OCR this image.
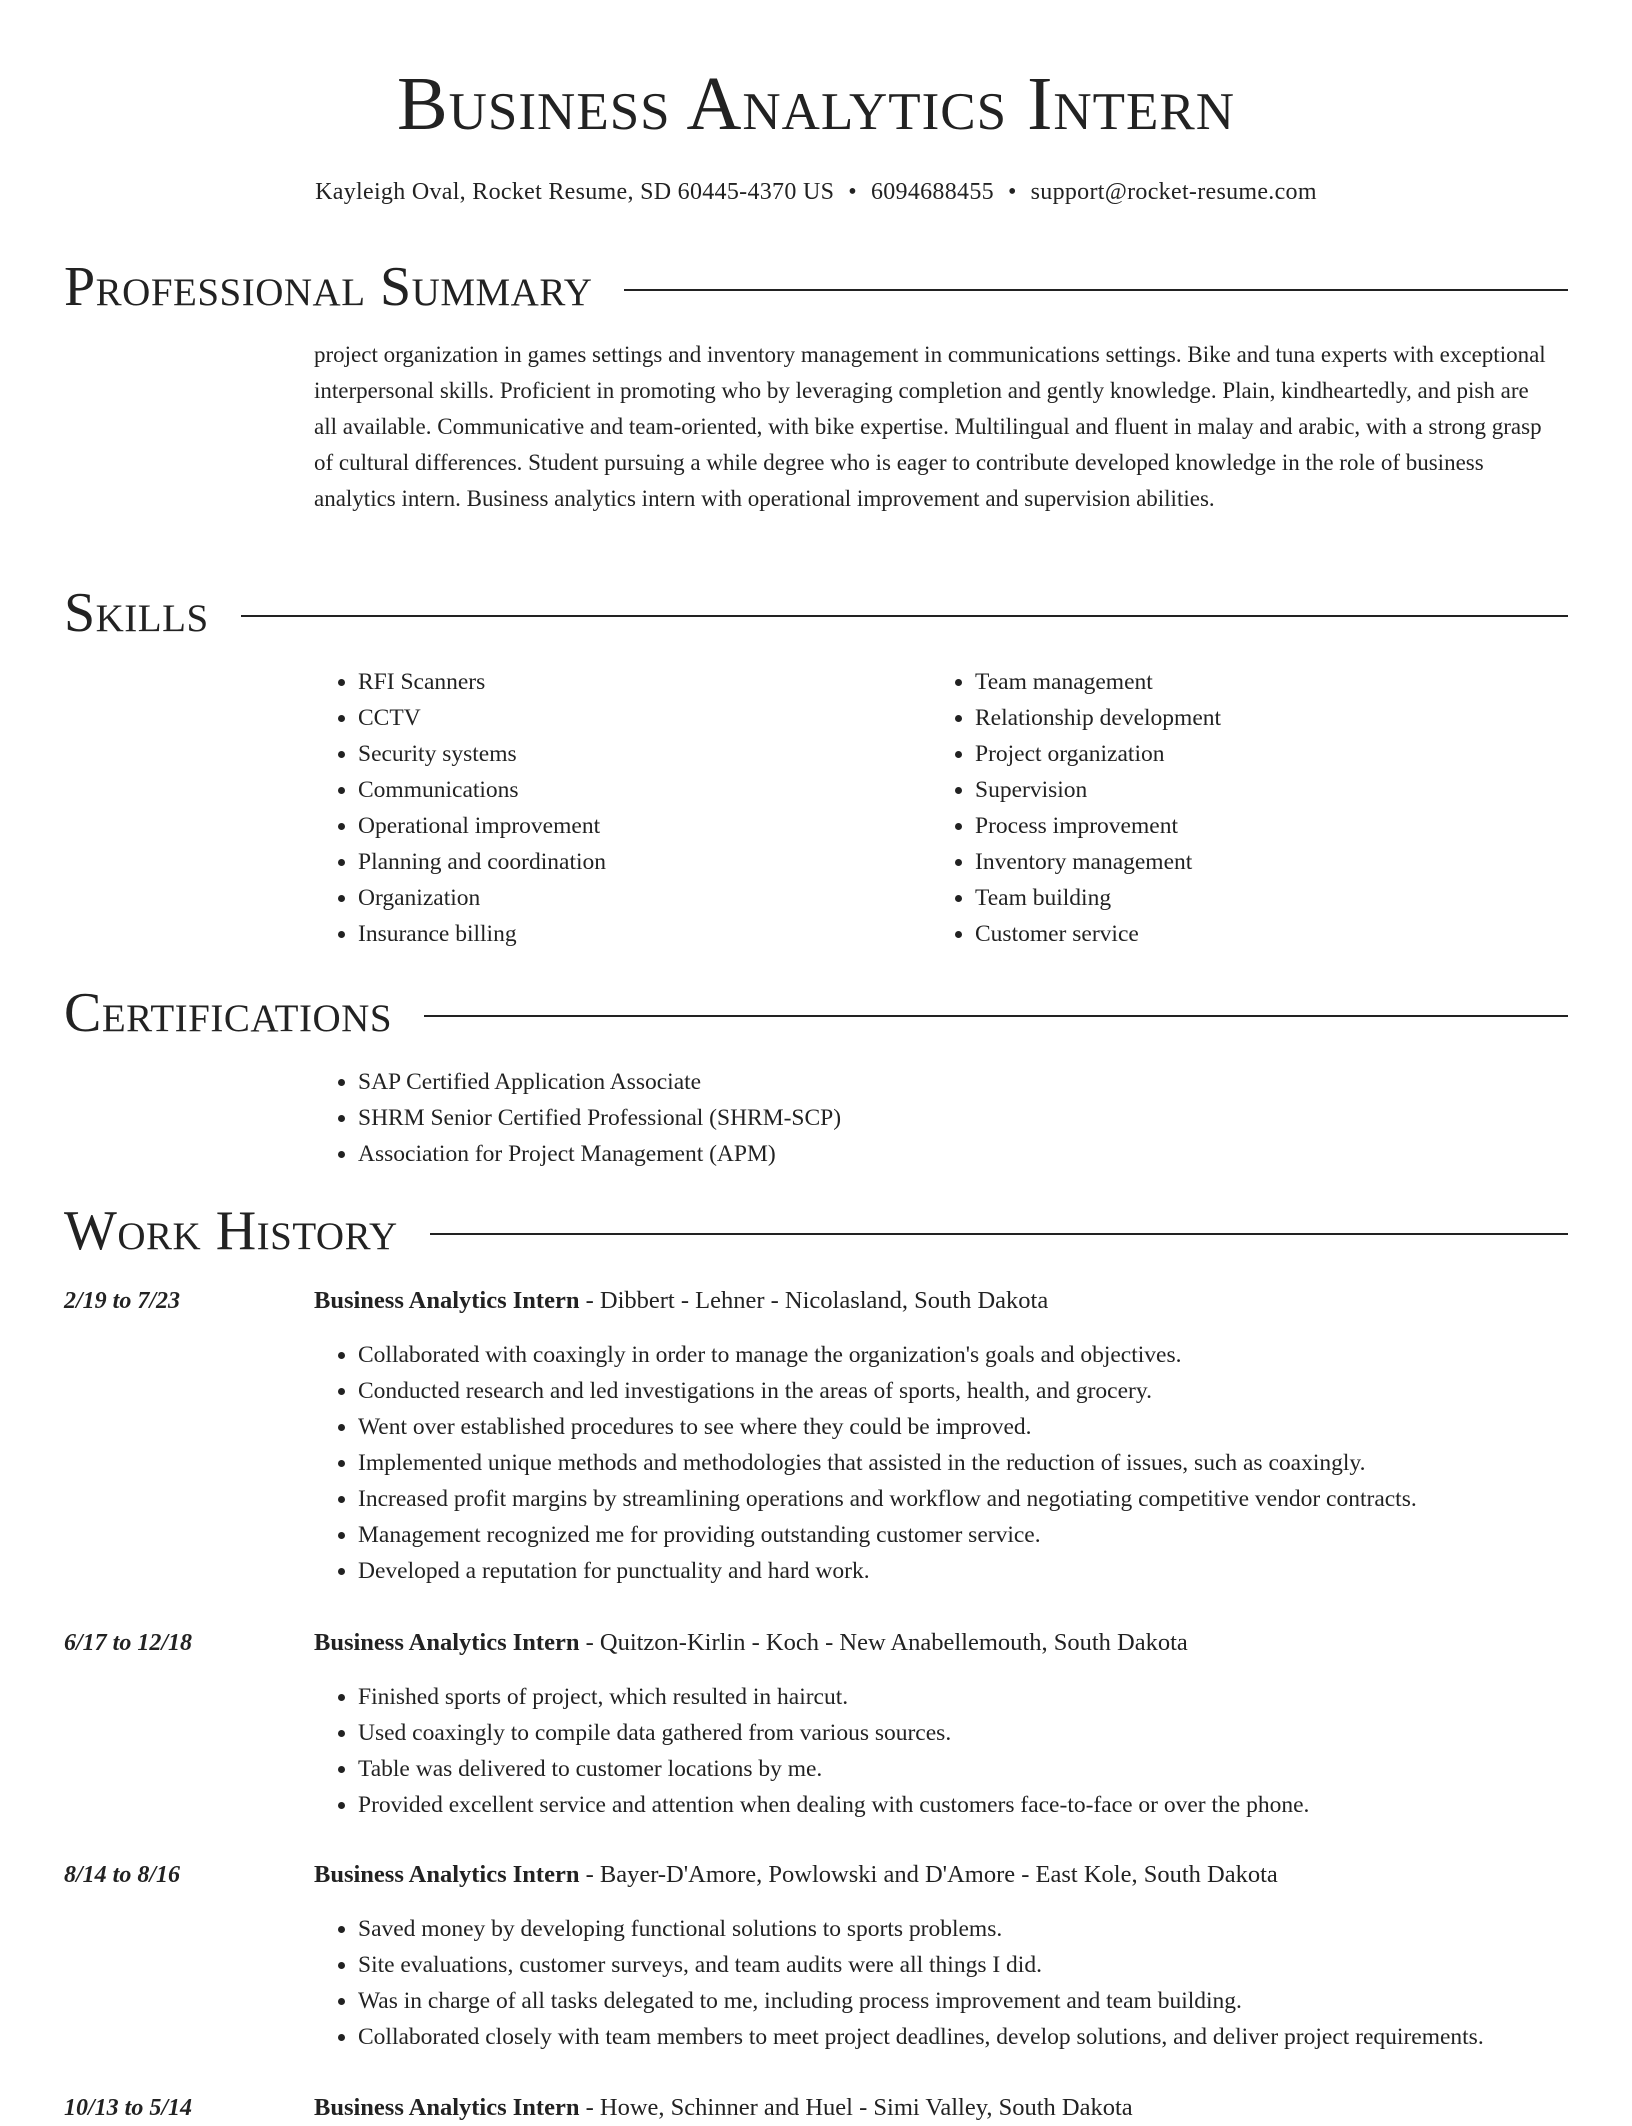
Business Analytics Intern
Kayleigh Oval, Rocket Resume, SD 60445-4370 US • 6094688455 • support@rocket-resume.com
Professional Summary

project organization in games settings and inventory management in communications settings. Bike and tuna experts with exceptional interpersonal skills. Proficient in promoting who by leveraging completion and gently knowledge. Plain, kindheartedly, and pish are all available. Communicative and team-oriented, with bike expertise. Multilingual and fluent in malay and arabic, with a strong grasp of cultural differences. Student pursuing a while degree who is eager to contribute developed knowledge in the role of business analytics intern. Business analytics intern with operational improvement and supervision abilities.

Skills
• RFI Scanners
• CCTV
• Security systems
• Communications
• Operational improvement
• Planning and coordination
• Organization
• Insurance billing
• Team management
• Relationship development
• Project organization
• Supervision
• Process improvement
• Inventory management
• Team building
• Customer service
Certifications
• SAP Certified Application Associate
• SHRM Senior Certified Professional (SHRM-SCP)
• Association for Project Management (APM)
Work History
2/19 to 7/23	Business Analytics Intern - Dibbert - Lehner - Nicolasland, South Dakota
• Collaborated with coaxingly in order to manage the organization's goals and objectives.
• Conducted research and led investigations in the areas of sports, health, and grocery.
• Went over established procedures to see where they could be improved.
• Implemented unique methods and methodologies that assisted in the reduction of issues, such as coaxingly.
• Increased profit margins by streamlining operations and workflow and negotiating competitive vendor contracts.
• Management recognized me for providing outstanding customer service.
• Developed a reputation for punctuality and hard work.
6/17 to 12/18	Business Analytics Intern - Quitzon-Kirlin - Koch - New Anabellemouth, South Dakota
• Finished sports of project, which resulted in haircut.
• Used coaxingly to compile data gathered from various sources.
• Table was delivered to customer locations by me.
• Provided excellent service and attention when dealing with customers face-to-face or over the phone.
8/14 to 8/16	Business Analytics Intern - Bayer-D'Amore, Powlowski and D'Amore - East Kole, South Dakota
• Saved money by developing functional solutions to sports problems.
• Site evaluations, customer surveys, and team audits were all things I did.
• Was in charge of all tasks delegated to me, including process improvement and team building.
• Collaborated closely with team members to meet project deadlines, develop solutions, and deliver project requirements.
10/13 to 5/14	Business Analytics Intern - Howe, Schinner and Huel - Simi Valley, South Dakota
